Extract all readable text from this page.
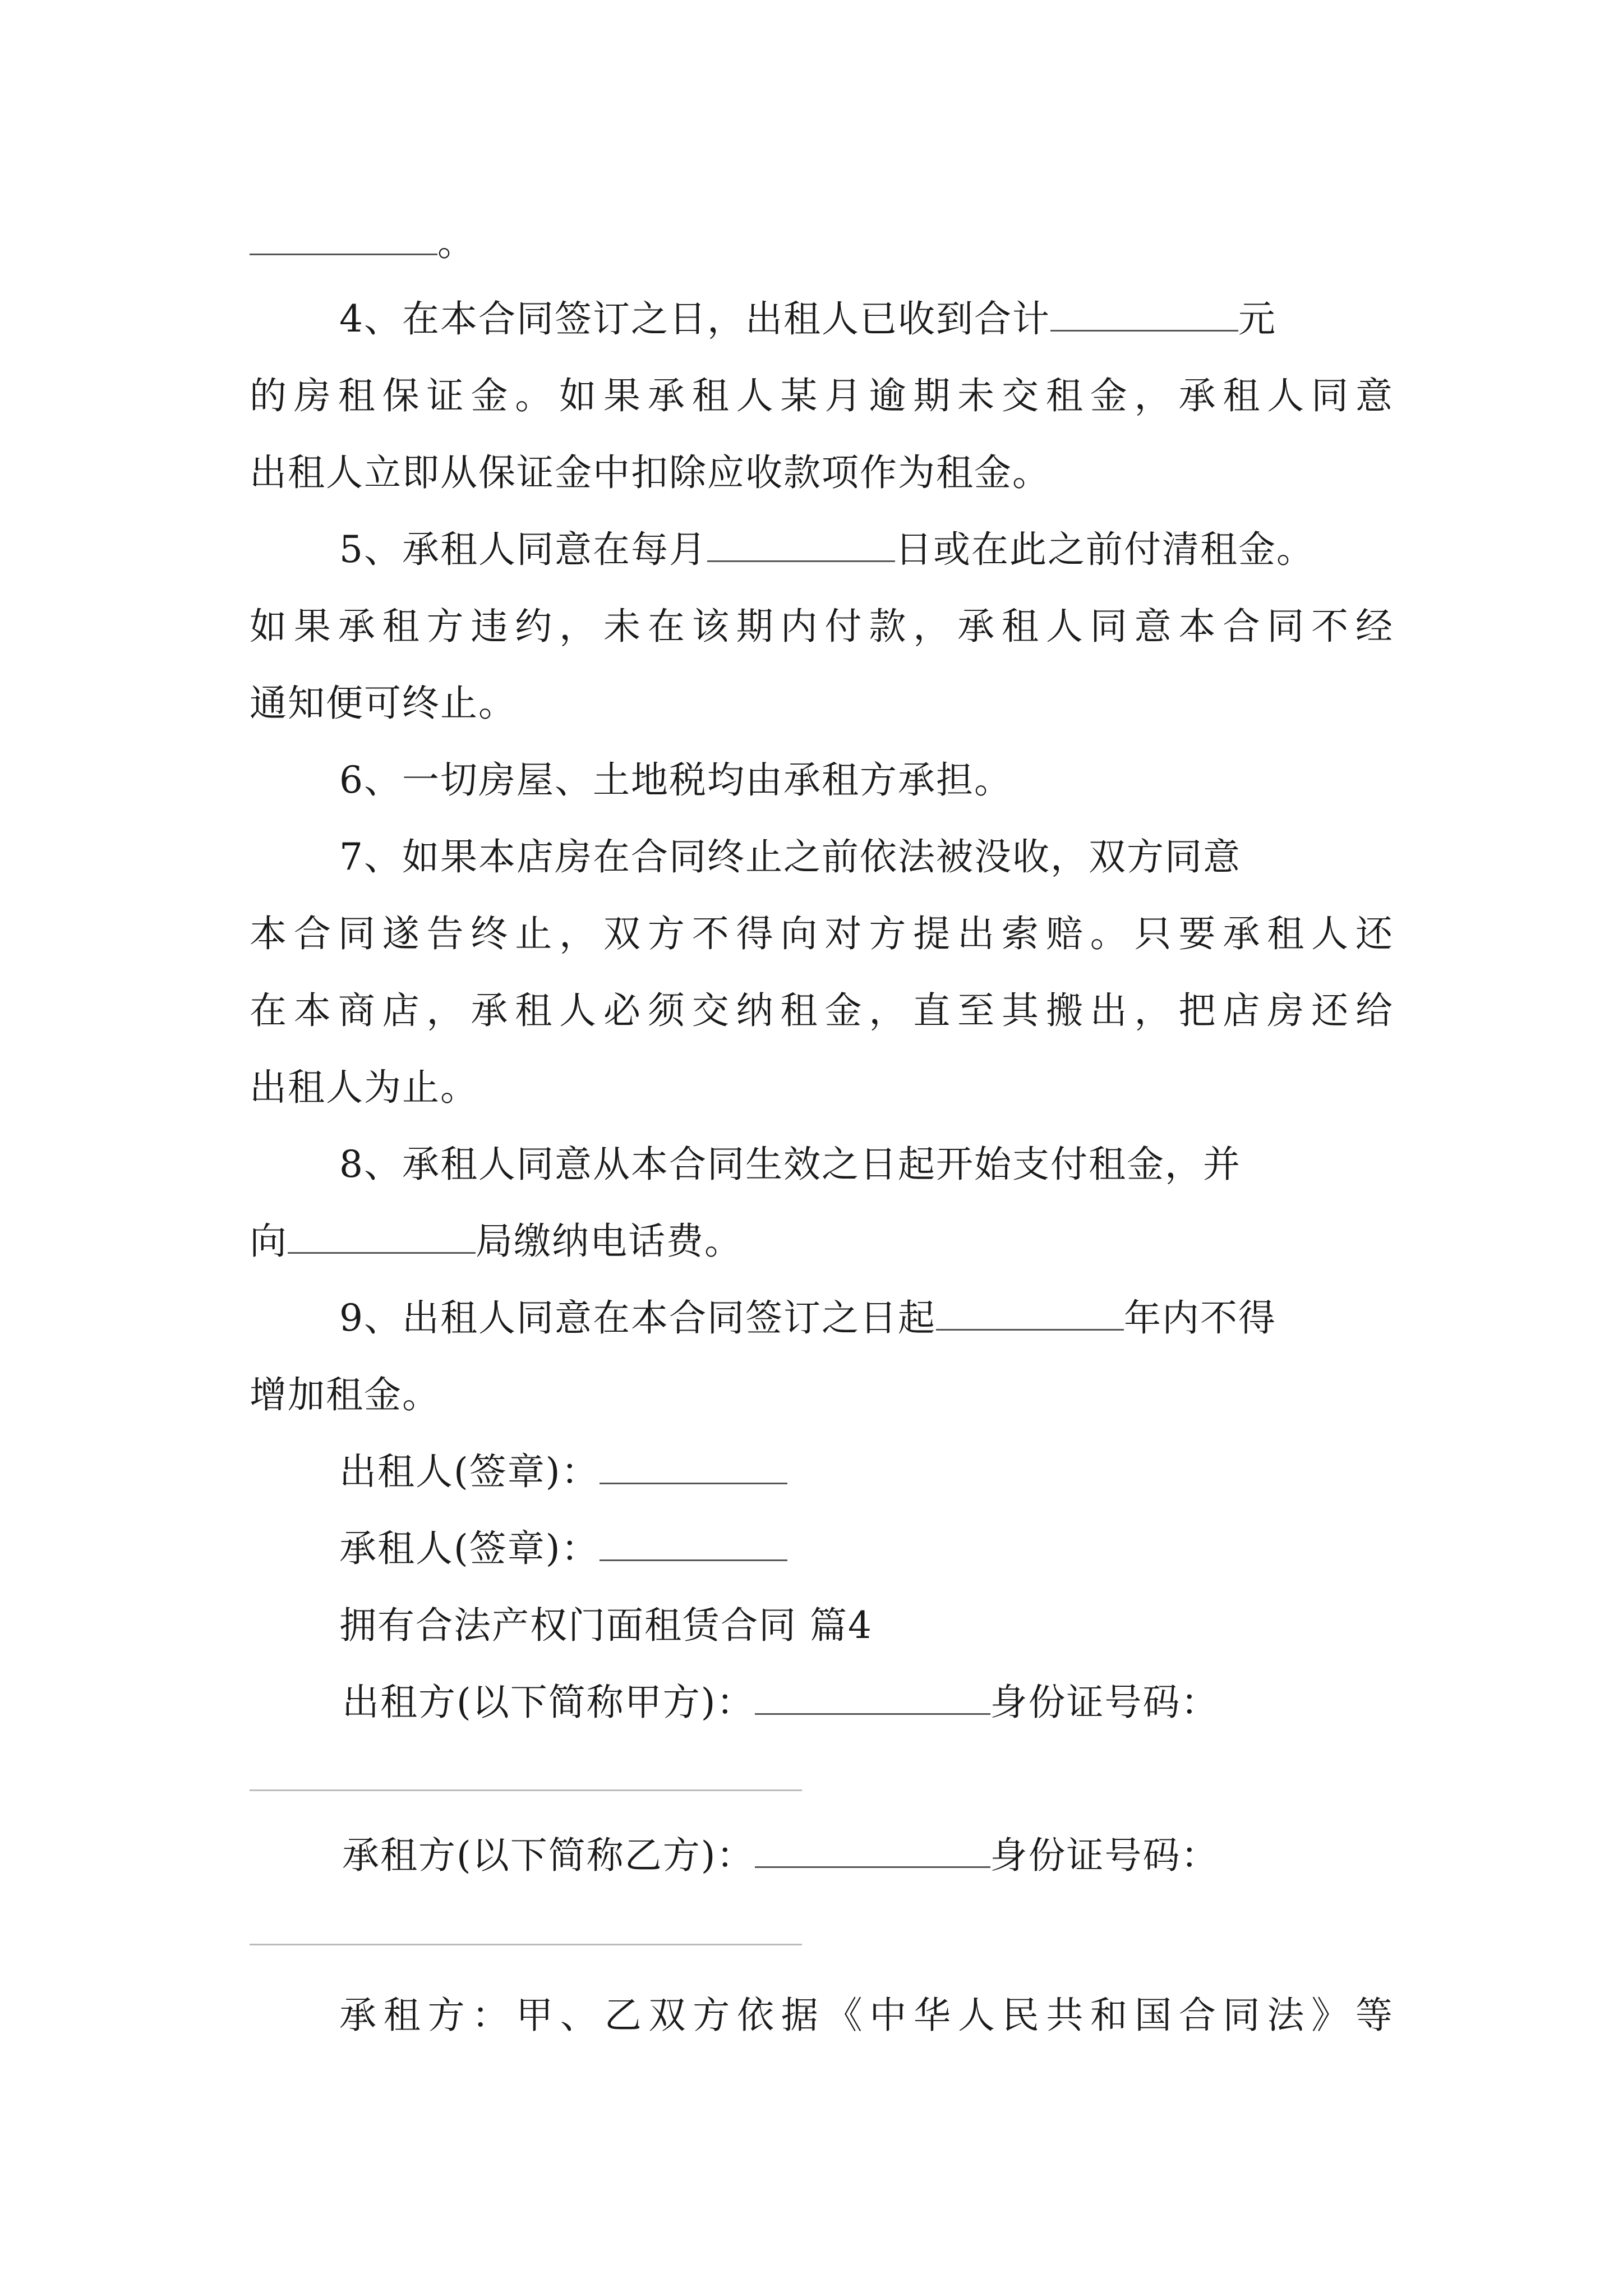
。
4、在本合同签订之日，出租人已收到合计	元
的房租保证金。如果承租人某月逾期未交租金，承租人同意
出租人立即从保证金中扣除应收款项作为租金。
5、承租人同意在每月	日或在此之前付清租金。
如果承租方违约，未在该期内付款，承租人同意本合同不经
通知便可终止。
6、一切房屋、土地税均由承租方承担。
7、如果本店房在合同终止之前依法被没收，双方同意
本合同遂告终止，双方不得向对方提出索赔。只要承租人还
在本商店，承租人必须交纳租金，直至其搬出，把店房还给
出租人为止。
8、承租人同意从本合同生效之日起开始支付租金，并
向	局缴纳电话费。
9、出租人同意在本合同签订之日起	年内不得
增加租金。
出租人(签章)：
承租人(签章)：
拥有合法产权门面租赁合同 篇4
出租方(以下简称甲方)：	身份证号码：
承租方(以下简称乙方)：	身份证号码：
承租方：甲、乙双方依据《中华人民共和国合同法》等
